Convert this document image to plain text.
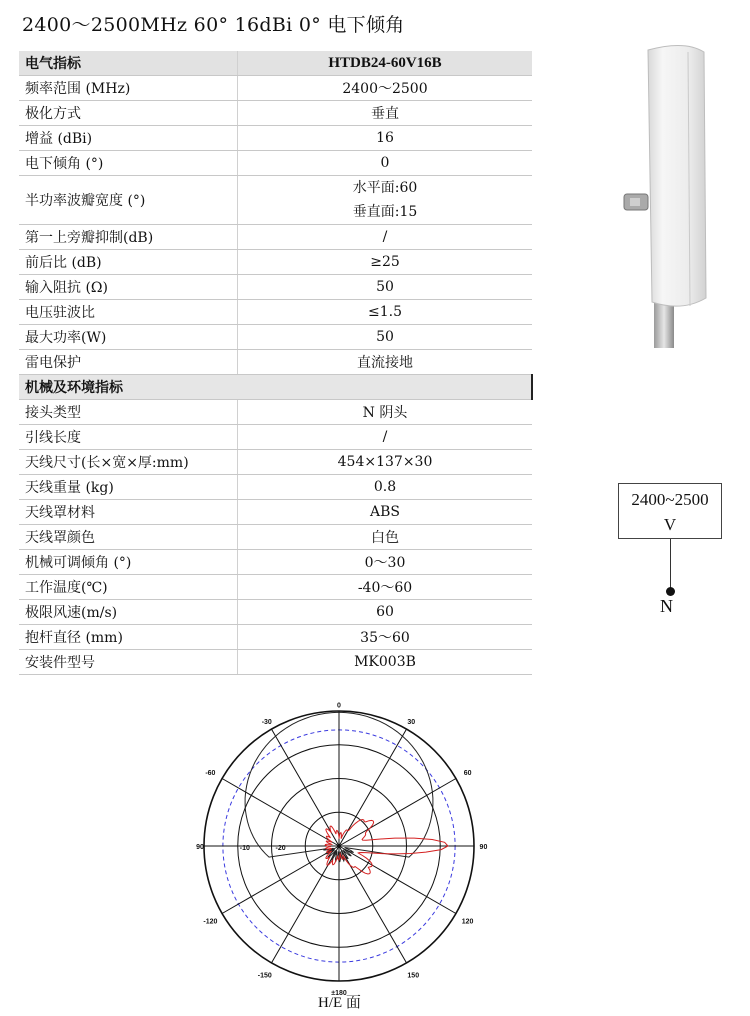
2400～2500MHz 60° 16dBi 0° 电下倾角
电气指标	HTDB24-60V16B
频率范围 (MHz)	2400～2500
极化方式	垂直
增益 (dBi)	16
电下倾角 (°)	0
半功率波瓣宽度 (°)	水平面:60
垂直面:15

第一上旁瓣抑制(dB)	/
前后比 (dB)	≥25
输入阻抗 (Ω)	50
电压驻波比	≤1.5
最大功率(W)	50
雷电保护	直流接地
机械及环境指标	
接头类型	N 阴头
引线长度	/
天线尺寸(长×宽×厚:mm)	454×137×30
天线重量 (kg)	0.8
天线罩材料	ABS
天线罩颜色	白色
机械可调倾角 (°)	0～30
工作温度(℃)	-40～60
极限风速(m/s)	60
抱杆直径 (mm)	35～60
安装件型号	MK003B
2400~2500
V
N
0
-30	30
-60	60
90
-120	120
-150	150
±180
90	-10	-20
H/E 面
